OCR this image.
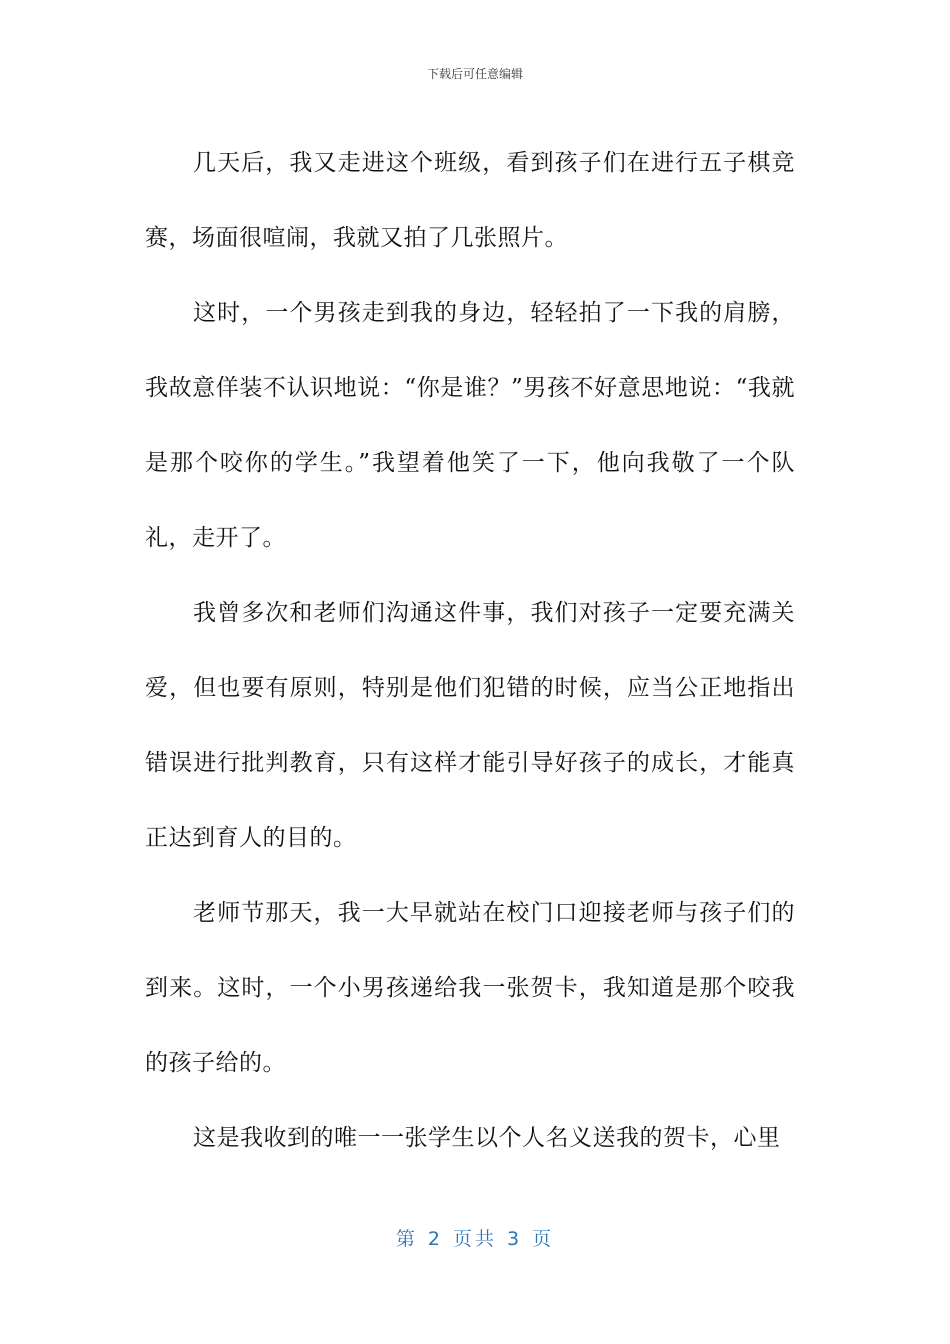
下载后可任意编辑

几天后，我又走进这个班级，看到孩子们在进行五子棋竞赛，场面很喧闹，我就又拍了几张照片。

这时，一个男孩走到我的身边，轻轻拍了一下我的肩膀，我故意佯装不认识地说：“你是谁？”男孩不好意思地说：“我就是那个咬你的学生。”我望着他笑了一下，他向我敬了一个队礼，走开了。

我曾多次和老师们沟通这件事，我们对孩子一定要充满关爱，但也要有原则，特别是他们犯错的时候，应当公正地指出错误进行批判教育，只有这样才能引导好孩子的成长，才能真正达到育人的目的。

老师节那天，我一大早就站在校门口迎接老师与孩子们的到来。这时，一个小男孩递给我一张贺卡，我知道是那个咬我的孩子给的。

这是我收到的唯一一张学生以个人名义送我的贺卡，心里

第 2 页共 3 页
